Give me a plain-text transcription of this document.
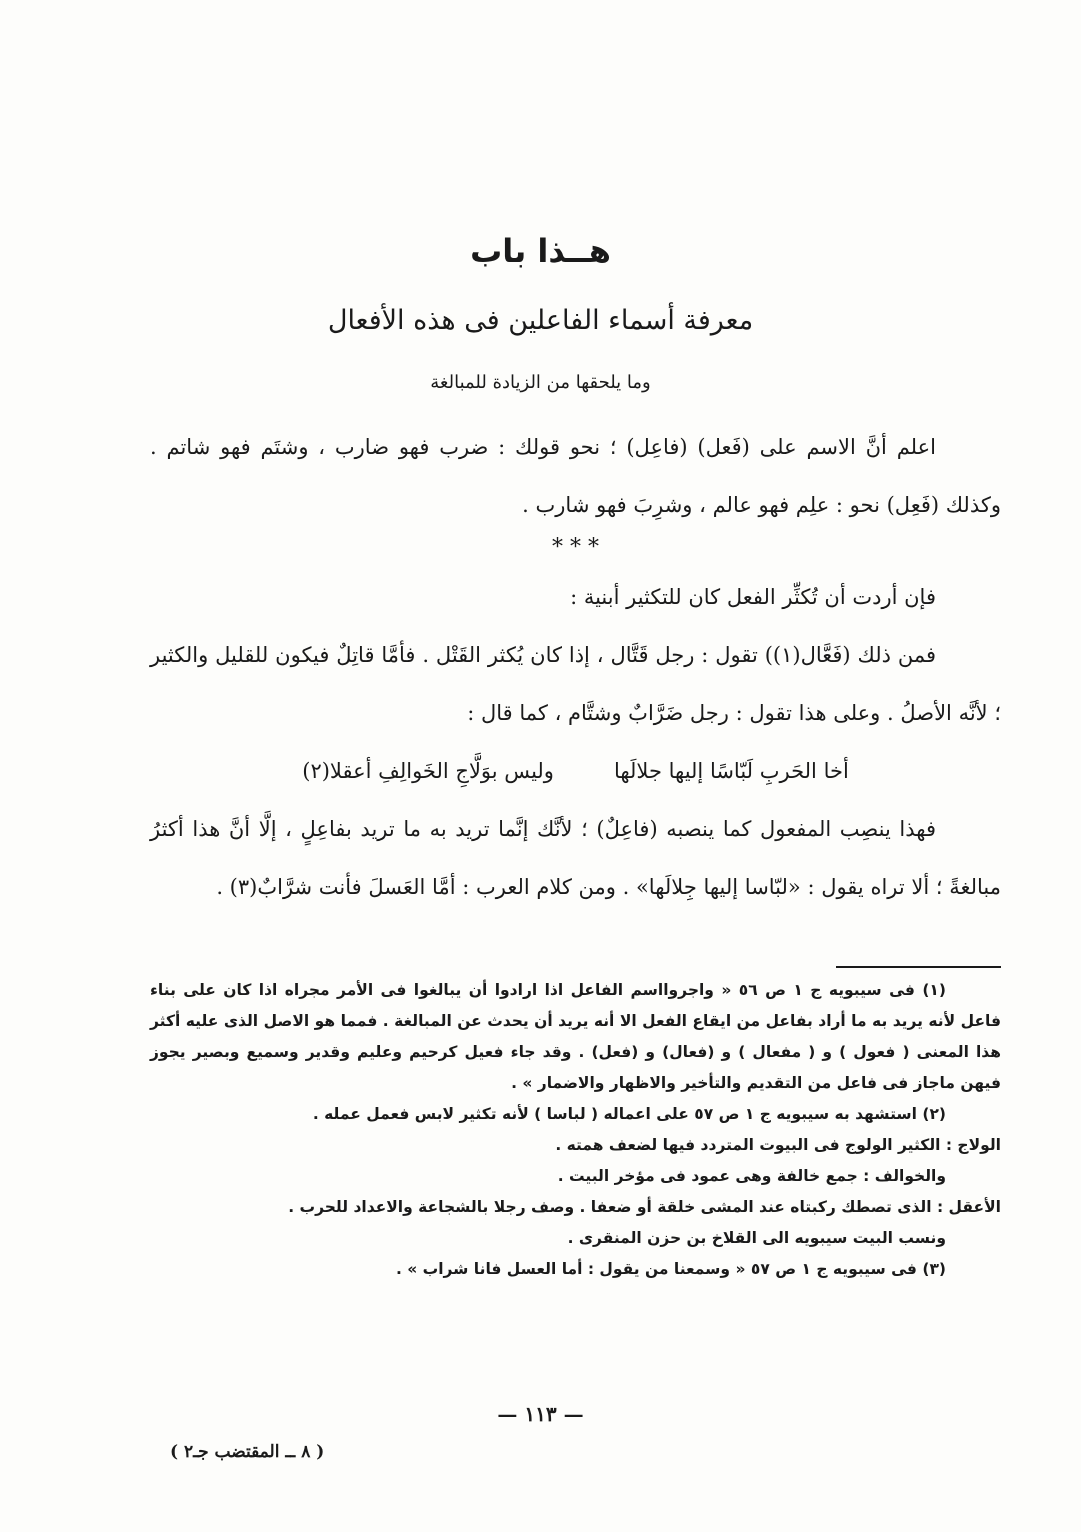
هــذا باب
معرفة أسماء الفاعلين فى هذه الأفعال
وما يلحقها من الزيادة للمبالغة

اعلم أنَّ الاسم على (فَعل) (فاعِل) ؛ نحو قولك : ضرب فهو ضارب ، وشتَم فهو شاتم . وكذلك (فَعِل) نحو : علِم فهو عالم ، وشرِبَ فهو شارب .

* * *

فإن أردت أن تُكثِّر الفعل كان للتكثير أبنية :

فمن ذلك (فَعَّال(١)) تقول : رجل قَتَّال ، إذا كان يُكثر القَتْل . فأمَّا قاتِلٌ فيكون للقليل والكثير ؛ لأنَّه الأصلُ . وعلى هذا تقول : رجل ضَرَّابٌ وشتَّام ، كما قال :

أخا الحَربِ لَبّاسًا إليها جلالَها
وليس بوَلَّاجِ الخَوالِفِ أعقلا(٢)

فهذا ينصِب المفعول كما ينصبه (فاعِلٌ) ؛ لأنَّك إنَّما تريد به ما تريد بفاعِلٍ ، إلَّا أنَّ هذا أكثرُ مبالغةً ؛ ألا تراه يقول : «لبّاسا إليها جِلالَها» . ومن كلام العرب : أمَّا العَسلَ فأنت شرَّابٌ(٣) .

(١) فى سيبويه ج ١ ص ٥٦ « واجروااسم الفاعل اذا ارادوا أن يبالغوا فى الأمر مجراه اذا كان على بناء فاعل لأنه يريد به ما أراد بفاعل من ايقاع الفعل الا أنه يريد أن يحدث عن المبالغة . فمما هو الاصل الذى عليه أكثر هذا المعنى ( فعول ) و ( مفعال ) و (فعال) و (فعل) . وقد جاء فعيل كرحيم وعليم وقدير وسميع وبصير يجوز فيهن ماجاز فى فاعل من التقديم والتأخير والاظهار والاضمار » .

(٢) استشهد به سيبويه ج ١ ص ٥٧ على اعماله ( لباسا ) لأنه تكثير لابس فعمل عمله .

الولاج : الكثير الولوج فى البيوت المتردد فيها لضعف همته .

والخوالف : جمع خالفة وهى عمود فى مؤخر البيت .

الأعقل : الذى تصطك ركبتاه عند المشى خلقة أو ضعفا . وصف رجلا بالشجاعة والاعداد للحرب .

ونسب البيت سيبويه الى القلاخ بن حزن المنقرى .

(٣) فى سيبويه ج ١ ص ٥٧ « وسمعنا من يقول : أما العسل فانا شراب » .

— ١١٣ —
( ٨ ــ المقتضب جـ٢ )
